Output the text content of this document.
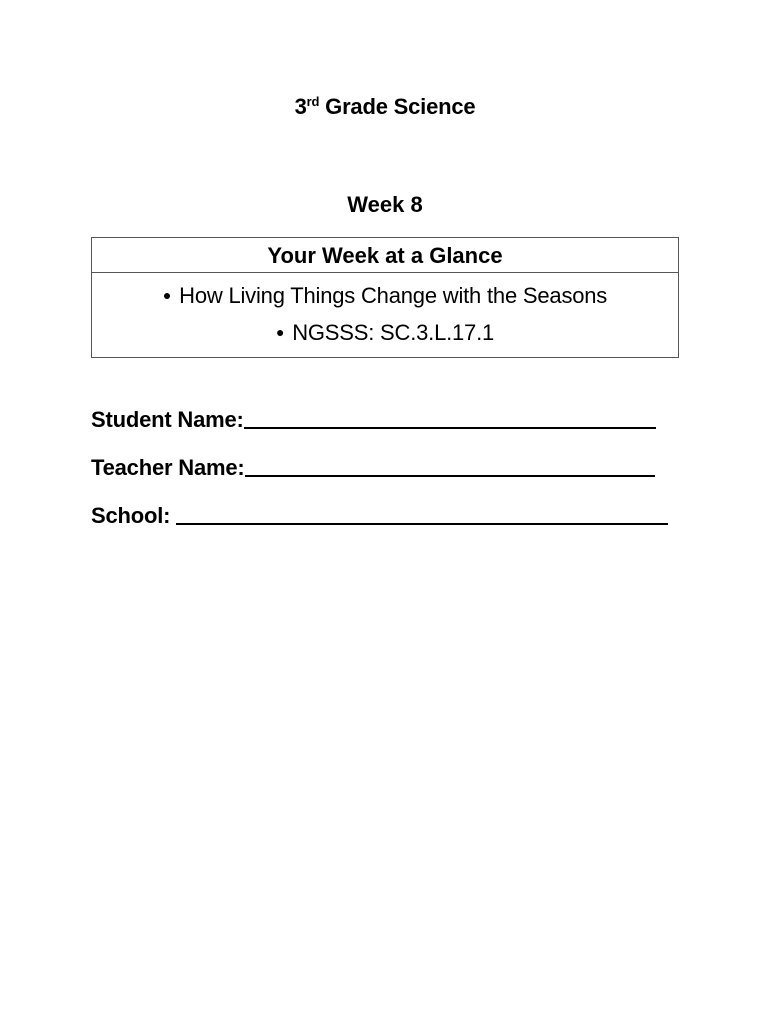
3rd Grade Science
Week 8
Your Week at a Glance
● How Living Things Change with the Seasons
● NGSSS: SC.3.L.17.1
Student Name:
Teacher Name:
School:
